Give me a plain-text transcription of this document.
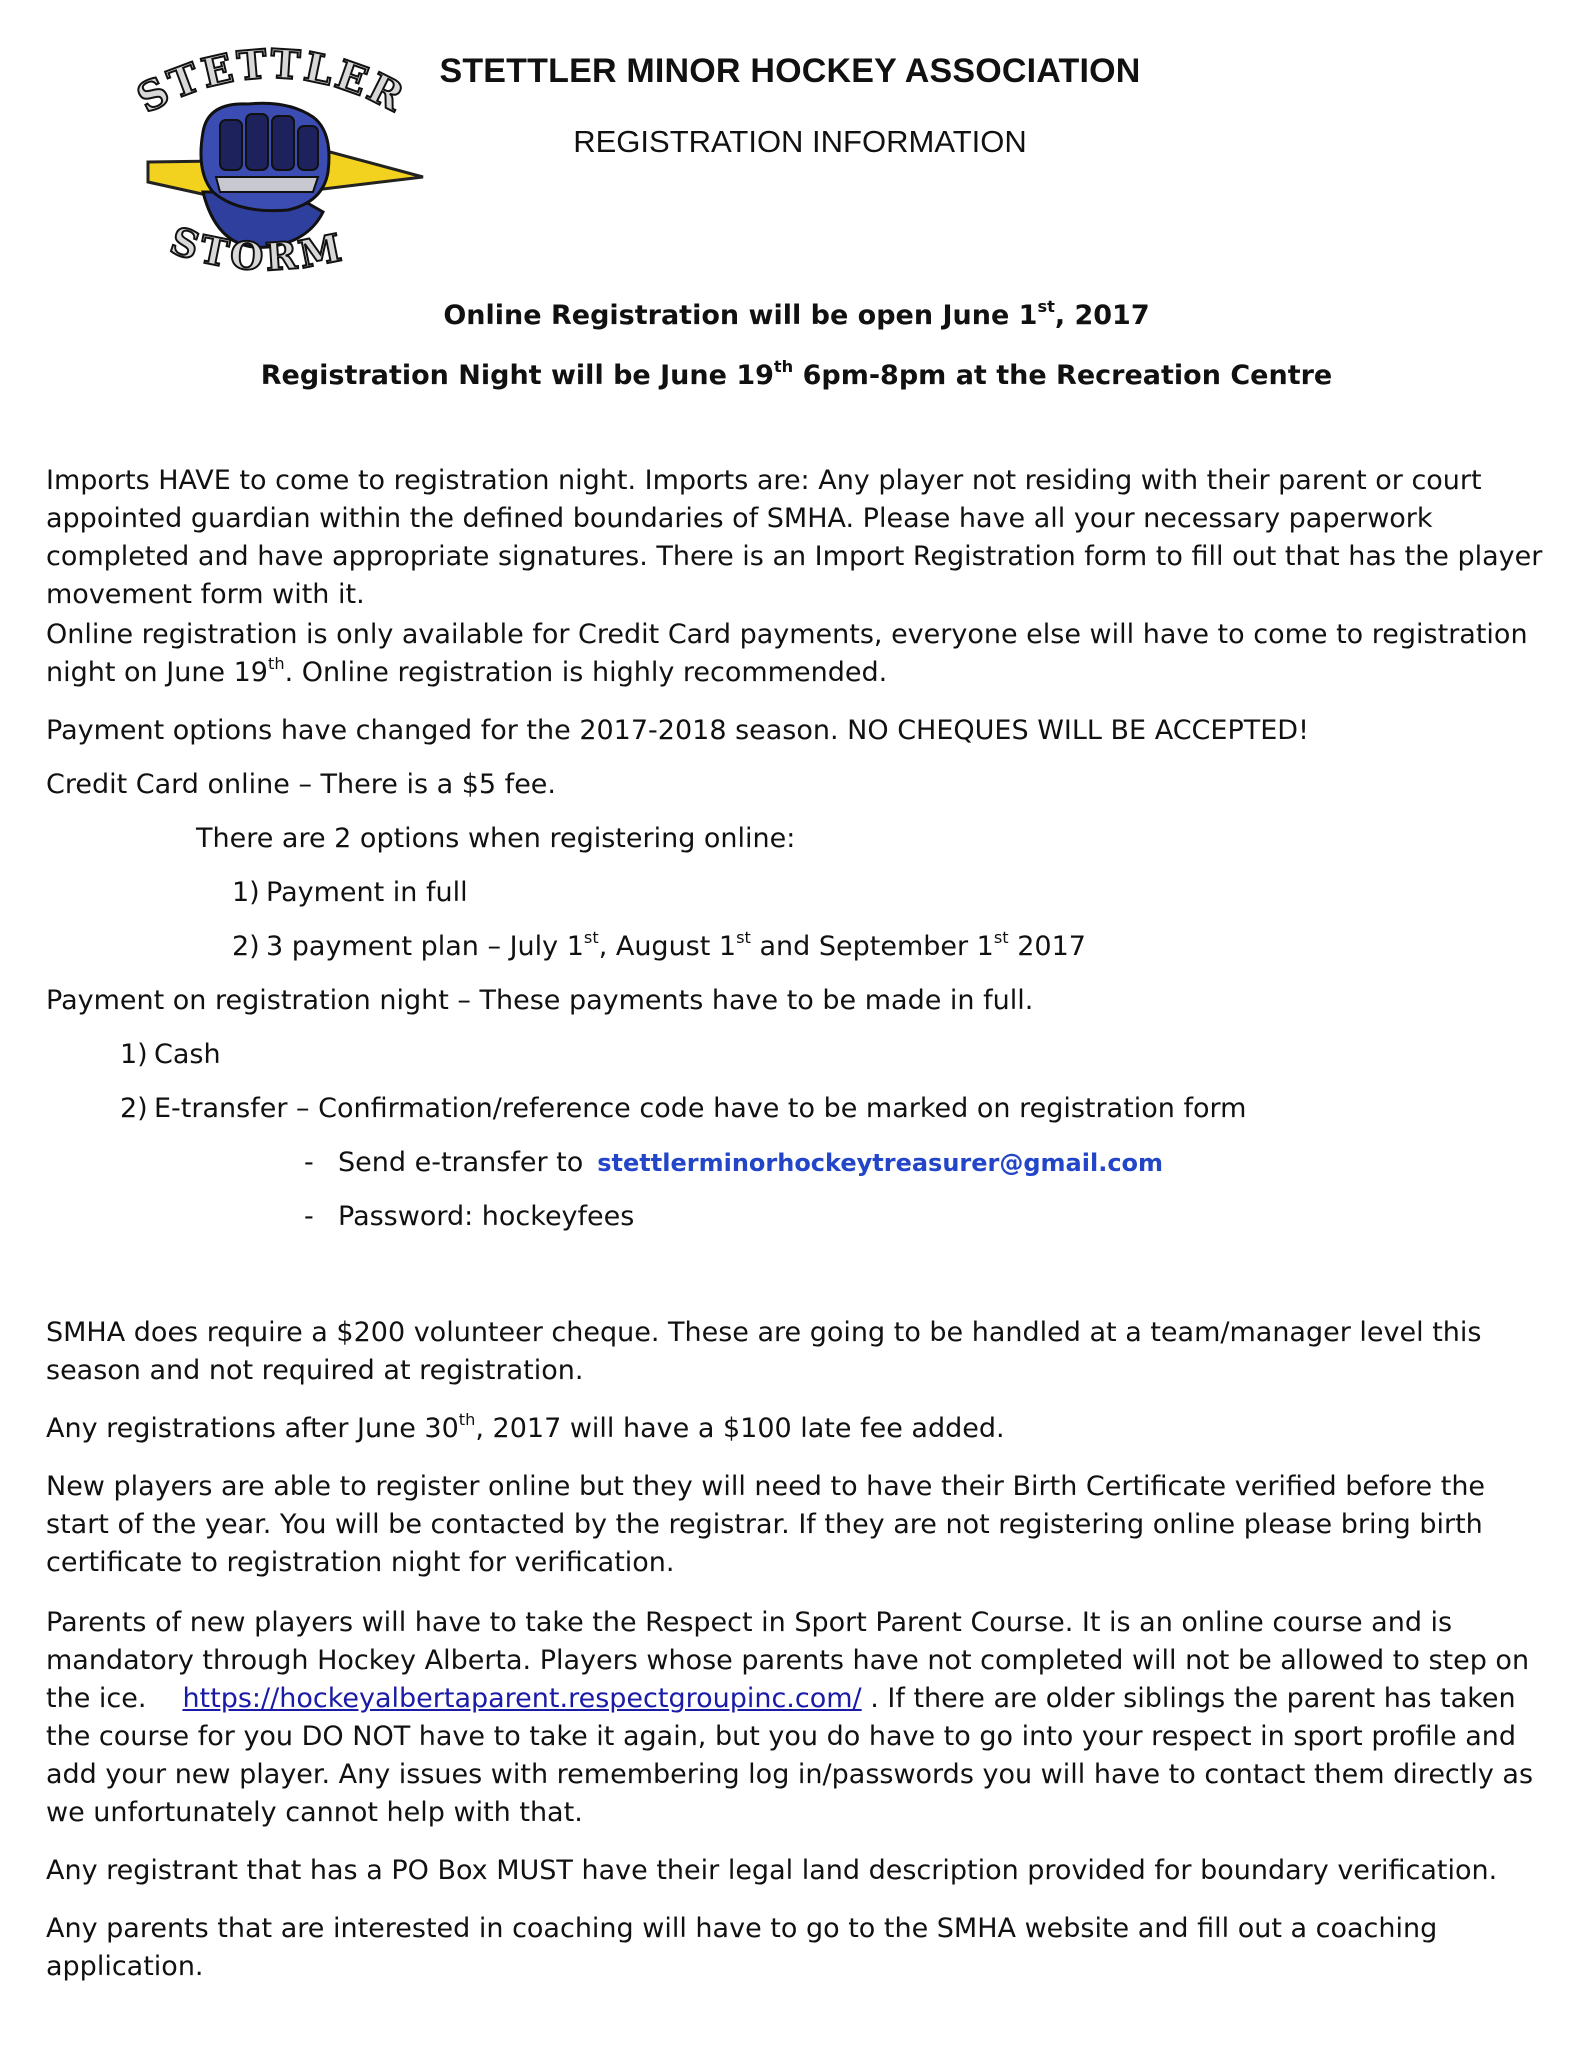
STETTLER
STORM
STETTLER MINOR HOCKEY ASSOCIATION
REGISTRATION INFORMATION
Online Registration will be open June 1st, 2017
Registration Night will be June 19th 6pm-8pm at the Recreation Centre

Imports HAVE to come to registration night. Imports are: Any player not residing with their parent or court appointed guardian within the defined boundaries of SMHA. Please have all your necessary paperwork completed and have appropriate signatures. There is an Import Registration form to fill out that has the player movement form with it.

Online registration is only available for Credit Card payments, everyone else will have to come to registration night on June 19th. Online registration is highly recommended.

Payment options have changed for the 2017-2018 season. NO CHEQUES WILL BE ACCEPTED!

Credit Card online – There is a $5 fee.

There are 2 options when registering online:

1) Payment in full

2) 3 payment plan – July 1st, August 1st and September 1st 2017

Payment on registration night – These payments have to be made in full.

1) Cash

2) E-transfer – Confirmation/reference code have to be marked on registration form

- Send e-transfer to stettlerminorhockeytreasurer@gmail.com

- Password: hockeyfees

SMHA does require a $200 volunteer cheque. These are going to be handled at a team/manager level this season and not required at registration.

Any registrations after June 30th, 2017 will have a $100 late fee added.

New players are able to register online but they will need to have their Birth Certificate verified before the start of the year. You will be contacted by the registrar. If they are not registering online please bring birth certificate to registration night for verification.

Parents of new players will have to take the Respect in Sport Parent Course. It is an online course and is mandatory through Hockey Alberta. Players whose parents have not completed will not be allowed to step on the ice. https://hockeyalbertaparent.respectgroupinc.com/ . If there are older siblings the parent has taken the course for you DO NOT have to take it again, but you do have to go into your respect in sport profile and add your new player. Any issues with remembering log in/passwords you will have to contact them directly as we unfortunately cannot help with that.

Any registrant that has a PO Box MUST have their legal land description provided for boundary verification.

Any parents that are interested in coaching will have to go to the SMHA website and fill out a coaching application.
